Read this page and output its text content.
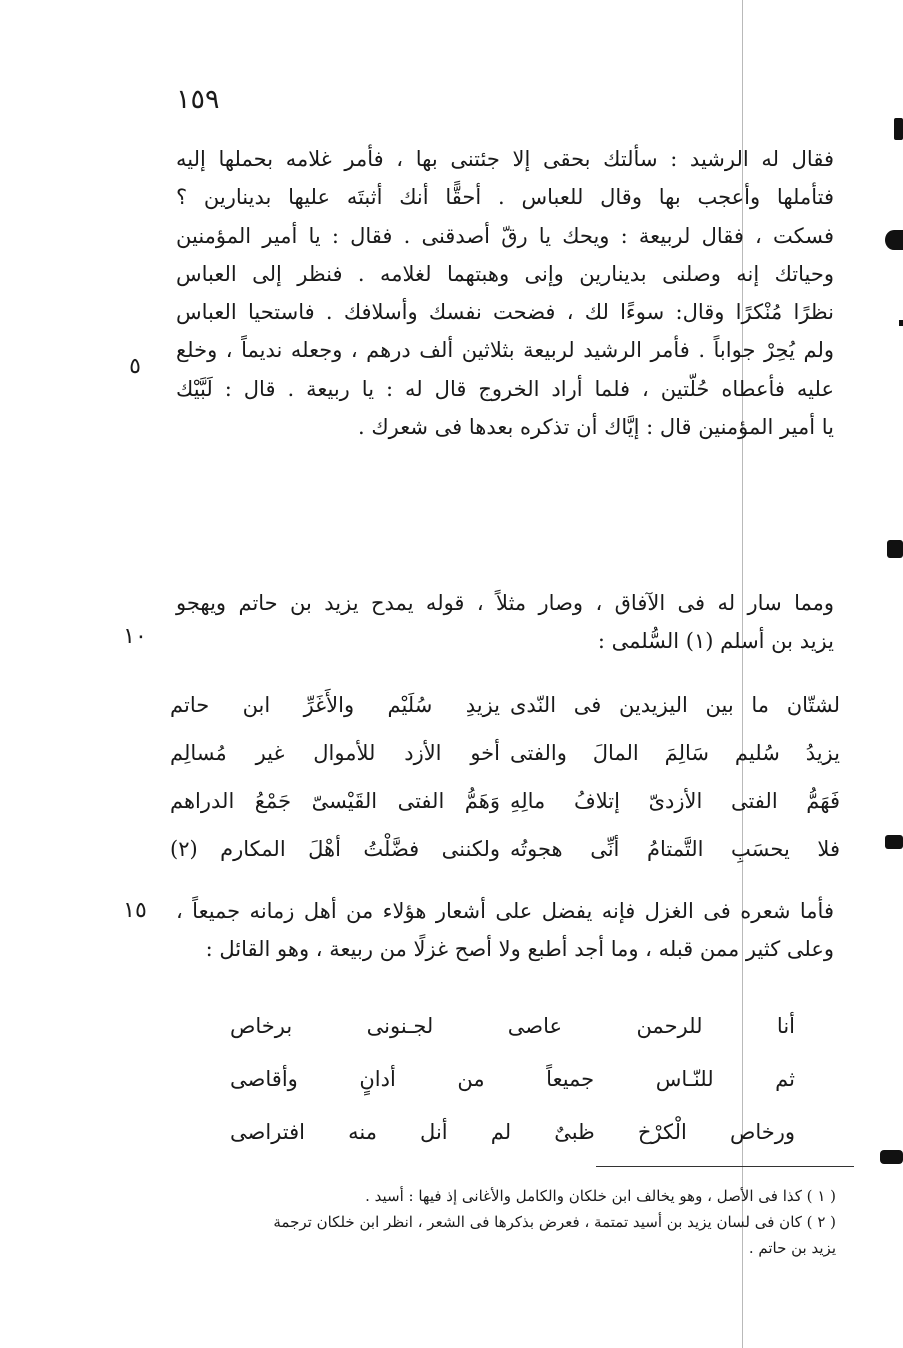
١٥٩
فقال له الرشيد : سألتك بحقى إلا جئتنى بها ، فأمر غلامه بحملها إليه
فتأملها وأعجب بها وقال للعباس . أحقًّا أنك أثبتَه عليها بدينارين ؟
فسكت ، فقال لربيعة : ويحك يا رقّ أصدقنى . فقال : يا أمير المؤمنين
وحياتك إنه وصلنى بدينارين وإنى وهبتهما لغلامه . فنظر إلى العباس
نظرًا مُنْكرًا وقال: سوءًا لك ، فضحت نفسك وأسلافك . فاستحيا العباس
ولم يُحِرْ جواباً . فأمر الرشيد لربيعة بثلاثين ألف درهم ، وجعله نديماً ، وخلع
عليه فأعطاه حُلّتين ، فلما أراد الخروج قال له : يا ربيعة . قال : لَبَّيْك
يا أمير المؤمنين قال : إيَّاك أن تذكره بعدها فى شعرك .
٥
ومما سار له فى الآفاق ، وصار مثلاً ، قوله يمدح يزيد بن حاتم ويهجو
يزيد بن أسلم (١) السُّلمى :
١٠
لشتّان ما بين اليزيدين فى النّدى
يزيدِ سُلَيْم والأَغَرِّ ابن حاتم
يزيدُ سُليم سَالِمَ المالَ والفتى
أخو الأزد للأموال غير مُسالِم
فَهَمُّ الفتى الأزدىّ إتلافُ مالِهِ
وَهَمُّ الفتى القَيْسىّ جَمْعُ الدراهم
فلا يحسَبِ التَّمتامُ أنِّى هجوتُه
ولكننى فضَّلْتُ أهْلَ المكارم (٢)
١٥	فأما شعره فى الغزل فإنه يفضل على أشعار هؤلاء من أهل زمانه جميعاً ،
وعلى كثير ممن قبله ، وما أجد أطبع ولا أصح غزلًا من ربيعة ، وهو القائل :
أنا
للرحمن
عاصى
لجـنونى
برخاص
ثم
للنّـاس
جميعاً
من
أدانٍ
وأقاصى
ورخاص
الْكرْخ
ظبىٌ
لم
أنل
منه
افتراصى
( ١ ) كذا فى الأصل ، وهو يخالف ابن خلكان والكامل والأغانى إذ فيها : أسيد .
( ٢ ) كان فى لسان يزيد بن أسيد تمتمة ، فعرض بذكرها فى الشعر ، انظر ابن خلكان ترجمة
يزيد بن حاتم .
